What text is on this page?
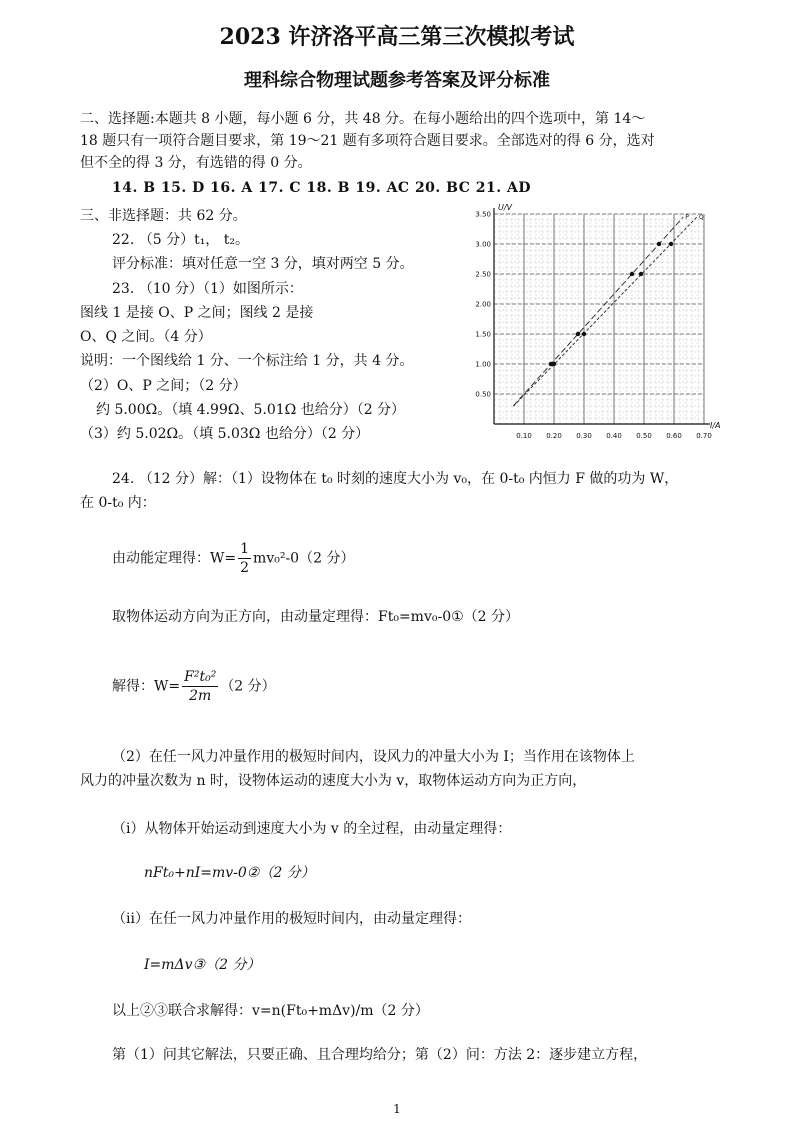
2023 许济洛平高三第三次模拟考试
理科综合物理试题参考答案及评分标准
二、选择题:本题共 8 小题，每小题 6 分，共 48 分。在每小题给出的四个选项中，第 14～
18 题只有一项符合题目要求，第 19～21 题有多项符合题目要求。全部选对的得 6 分，选对
但不全的得 3 分，有选错的得 0 分。
14. B 15. D 16. A 17. C 18. B 19. AC 20. BC 21. AD
三、非选择题：共 62 分。
22. （5 分）t₁， t₂。
评分标准：填对任意一空 3 分，填对两空 5 分。
23. （10 分）（1）如图所示：
图线 1 是接 O、P 之间；图线 2 是接
O、Q 之间。（4 分）
说明：一个图线给 1 分、一个标注给 1 分，共 4 分。
（2）O、P 之间；（2 分）
约 5.00Ω。（填 4.99Ω、5.01Ω 也给分）（2 分）
（3）约 5.02Ω。（填 5.03Ω 也给分）（2 分）	0.10 0.20 0.30 0.40 0.50 0.60 0.70
0.50
1.00
1.50
2.00
2.50
3.00
3.50
I/A
U/V
P Q
24. （12 分）解：（1）设物体在 t₀ 时刻的速度大小为 v₀，在 0-t₀ 内恒力 F 做的功为 W，
在 0-t₀ 内：
由动能定理得：$W= \frac{1}{2} mv_0^2-0(2$ 分）
取物体运动方向为正方向，由动量定理得：Ft₀=mv₀-0①（2 分）
解得：$W= \frac{\text{F²t₀²}}{2m} (2$ 分）
（2）在任一风力冲量作用的极短时间内，设风力的冲量大小为 I；当作用在该物体上
风力的冲量次数为 n 时，设物体运动的速度大小为 v，取物体运动方向为正方向，
（i）从物体开始运动到速度大小为 v 的全过程，由动量定理得：
nFt₀+nI=mv-0②（2 分）
（ii）在任一风力冲量作用的极短时间内，由动量定理得：
I=mΔv③（2 分）
以上②③联合求解得：v=n(Ft₀+mΔv)/m（2 分）
第（1）问其它解法，只要正确、且合理均给分；第（2）问：方法 2：逐步建立方程，
1
